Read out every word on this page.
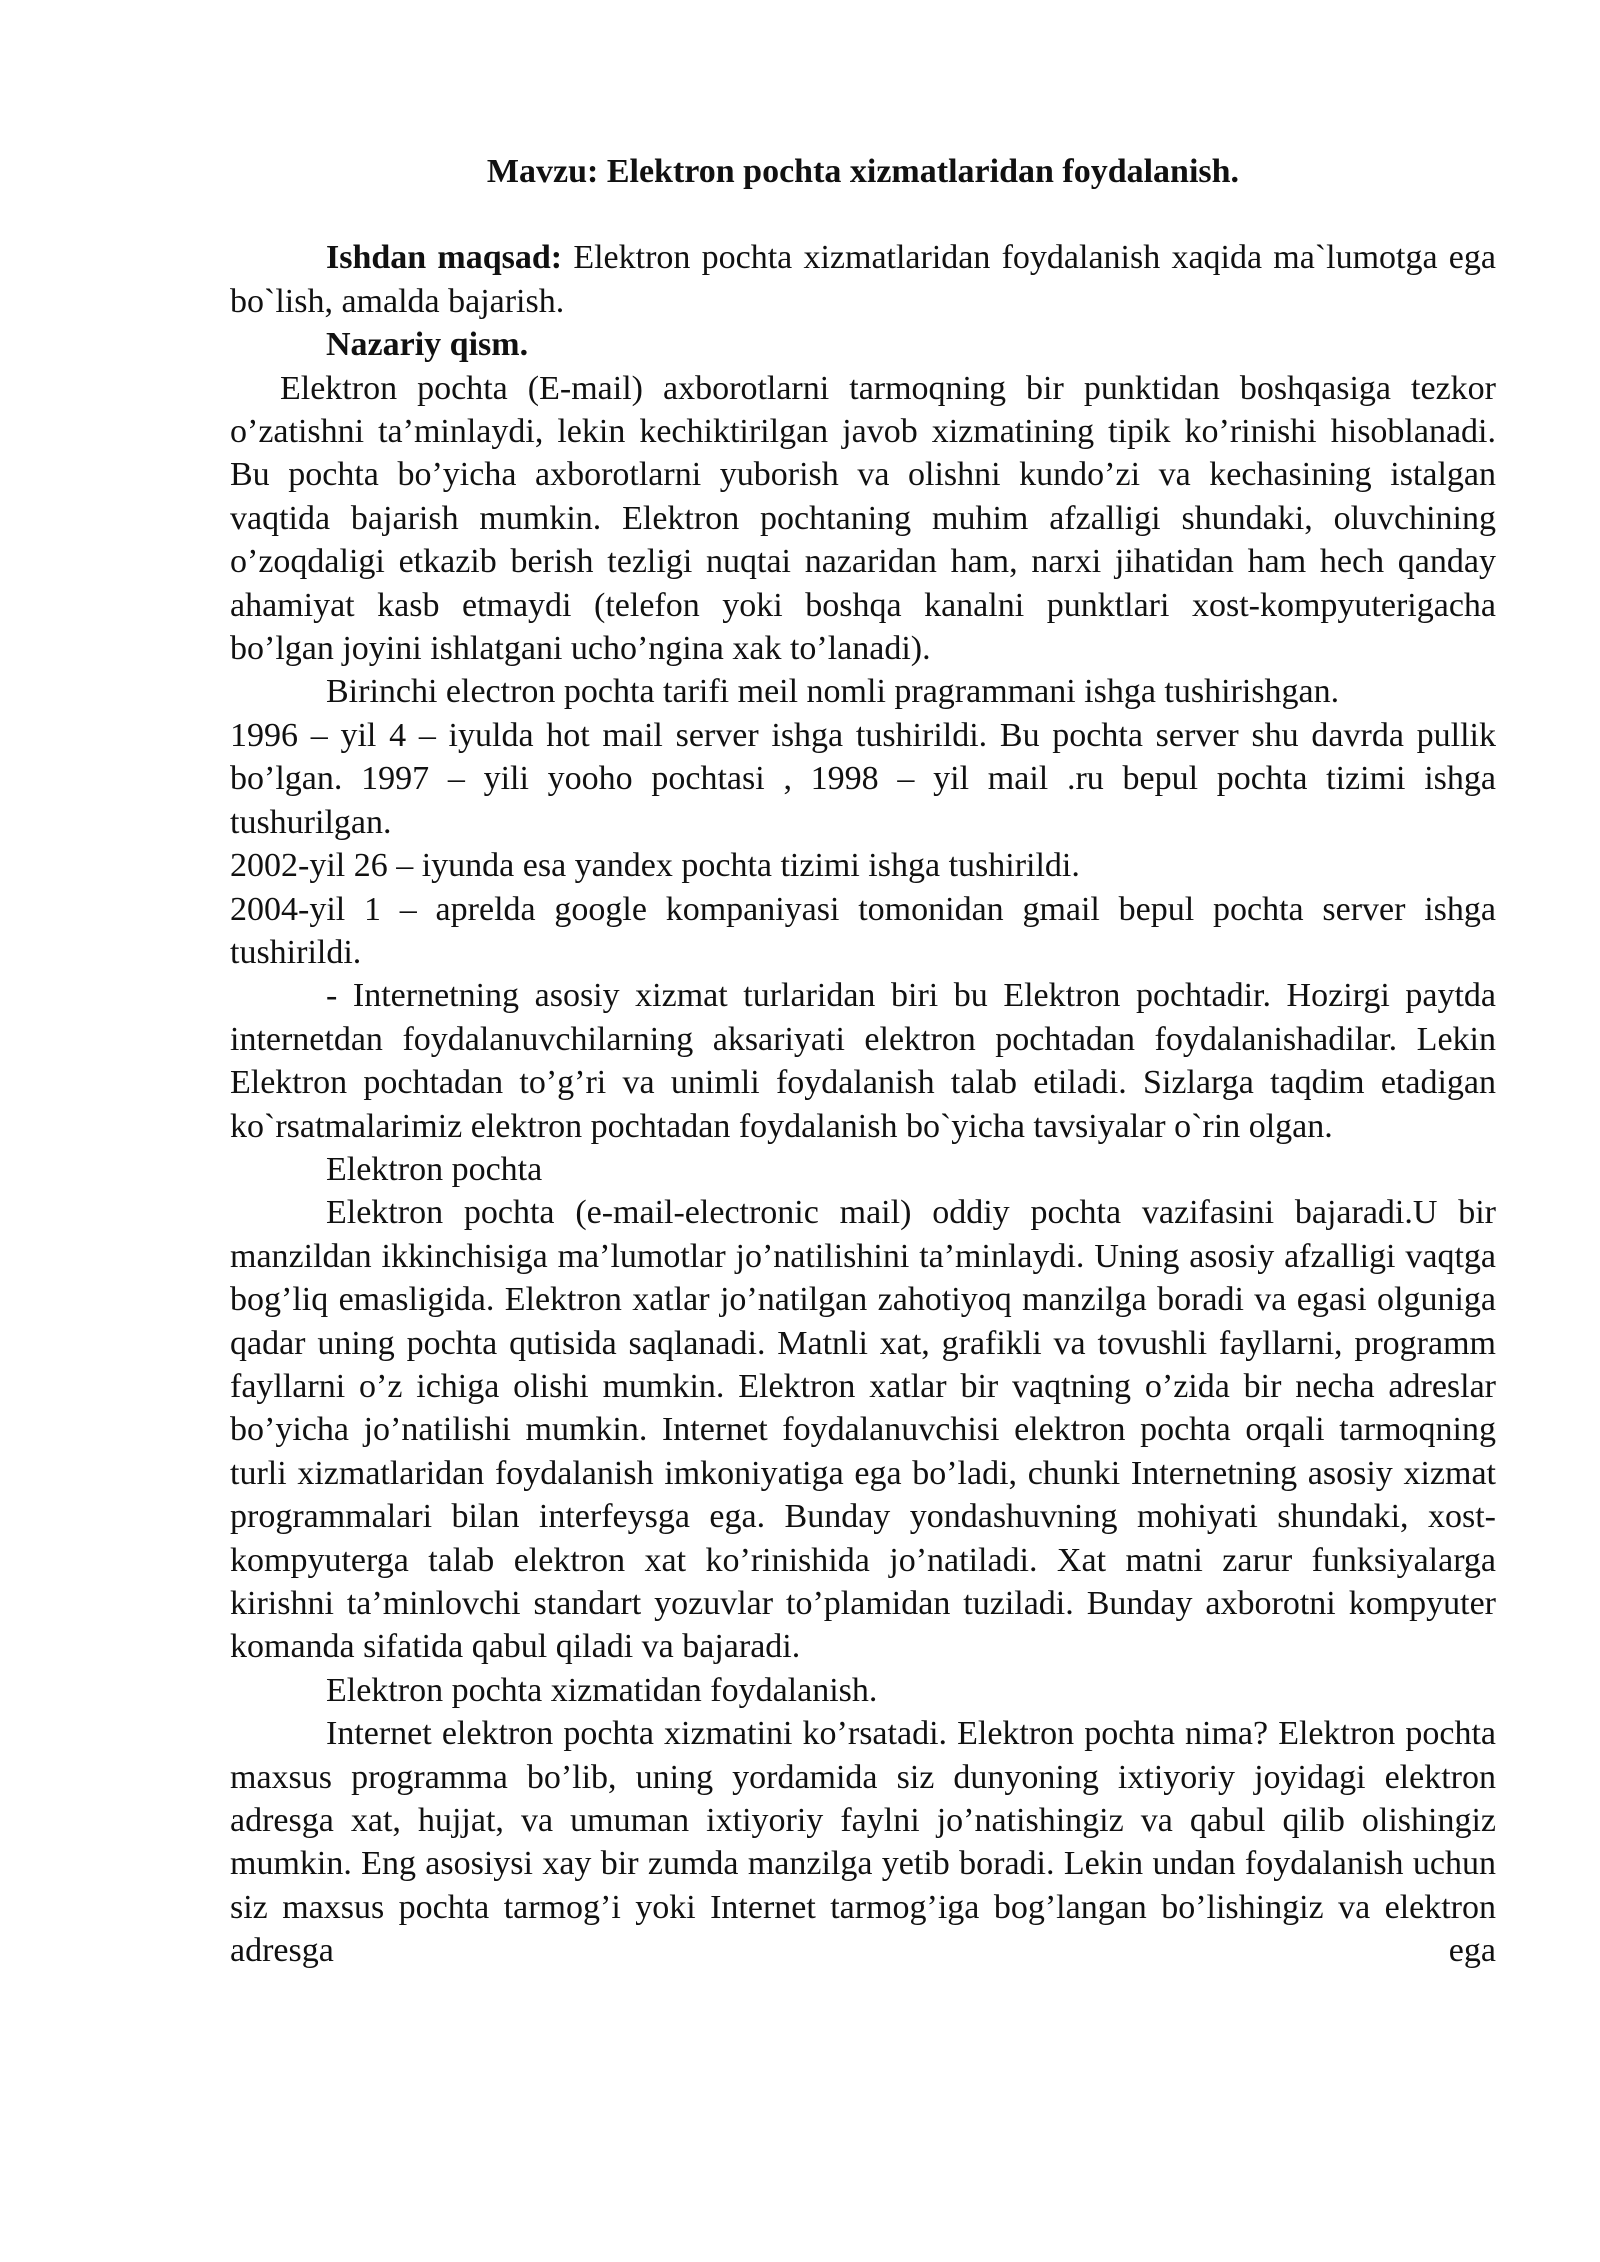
Mavzu: Elektron pochta xizmatlaridan foydalanish.

Ishdan maqsad: Elektron pochta xizmatlaridan foydalanish xaqida ma`lumotga ega bo`lish, amalda bajarish.

Nazariy qism.

Elektron pochta (E-mail) axborotlarni tarmoqning bir punktidan boshqasiga tezkor o’zatishni ta’minlaydi, lekin kechiktirilgan javob xizmatining tipik ko’rinishi hisoblanadi. Bu pochta bo’yicha axborotlarni yuborish va olishni kundo’zi va kechasining istalgan vaqtida bajarish mumkin. Elektron pochtaning muhim afzalligi shundaki, oluvchining o’zoqdaligi etkazib berish tezligi nuqtai nazaridan ham, narxi jihatidan ham hech qanday ahamiyat kasb etmaydi (telefon yoki boshqa kanalni punktlari xost-kompyuterigacha bo’lgan joyini ishlatgani ucho’ngina xak to’lanadi).

Birinchi electron pochta tarifi meil nomli pragrammani ishga tushirishgan.

1996 – yil 4 – iyulda hot mail server ishga tushirildi. Bu pochta server shu davrda pullik bo’lgan. 1997 – yili yooho pochtasi , 1998 – yil mail .ru bepul pochta tizimi ishga tushurilgan.

2002-yil 26 – iyunda esa yandex pochta tizimi ishga tushirildi.

2004-yil 1 – aprelda google kompaniyasi tomonidan gmail bepul pochta server ishga tushirildi.

- Internetning asosiy xizmat turlaridan biri bu Elektron pochtadir. Hozirgi paytda internetdan foydalanuvchilarning aksariyati elektron pochtadan foydalanishadilar. Lekin Elektron pochtadan to’g’ri va unimli foydalanish talab etiladi. Sizlarga taqdim etadigan ko`rsatmalarimiz elektron pochtadan foydalanish bo`yicha tavsiyalar o`rin olgan.

Elektron pochta

Elektron pochta (e-mail-electronic mail) oddiy pochta vazifasini bajaradi.U bir manzildan ikkinchisiga ma’lumotlar jo’natilishini ta’minlaydi. Uning asosiy afzalligi vaqtga bog’liq emasligida. Elektron xatlar jo’natilgan zahotiyoq manzilga boradi va egasi olguniga qadar uning pochta qutisida saqlanadi. Matnli xat, grafikli va tovushli fayllarni, programm fayllarni o’z ichiga olishi mumkin. Elektron xatlar bir vaqtning o’zida bir necha adreslar bo’yicha jo’natilishi mumkin. Internet foydalanuvchisi elektron pochta orqali tarmoqning turli xizmatlaridan foydalanish imkoniyatiga ega bo’ladi, chunki Internetning asosiy xizmat programmalari bilan interfeysga ega. Bunday yondashuvning mohiyati shundaki, xost-kompyuterga talab elektron xat ko’rinishida jo’natiladi. Xat matni zarur funksiyalarga kirishni ta’minlovchi standart yozuvlar to’plamidan tuziladi. Bunday axborotni kompyuter komanda sifatida qabul qiladi va bajaradi.

Elektron pochta xizmatidan foydalanish.

Internet elektron pochta xizmatini ko’rsatadi. Elektron pochta nima? Elektron pochta maxsus programma bo’lib, uning yordamida siz dunyoning ixtiyoriy joyidagi elektron adresga xat, hujjat, va umuman ixtiyoriy faylni jo’natishingiz va qabul qilib olishingiz mumkin. Eng asosiysi xay bir zumda manzilga yetib boradi. Lekin undan foydalanish uchun siz maxsus pochta tarmog’i yoki Internet tarmog’iga bog’langan bo’lishingiz va elektron adresga ega
